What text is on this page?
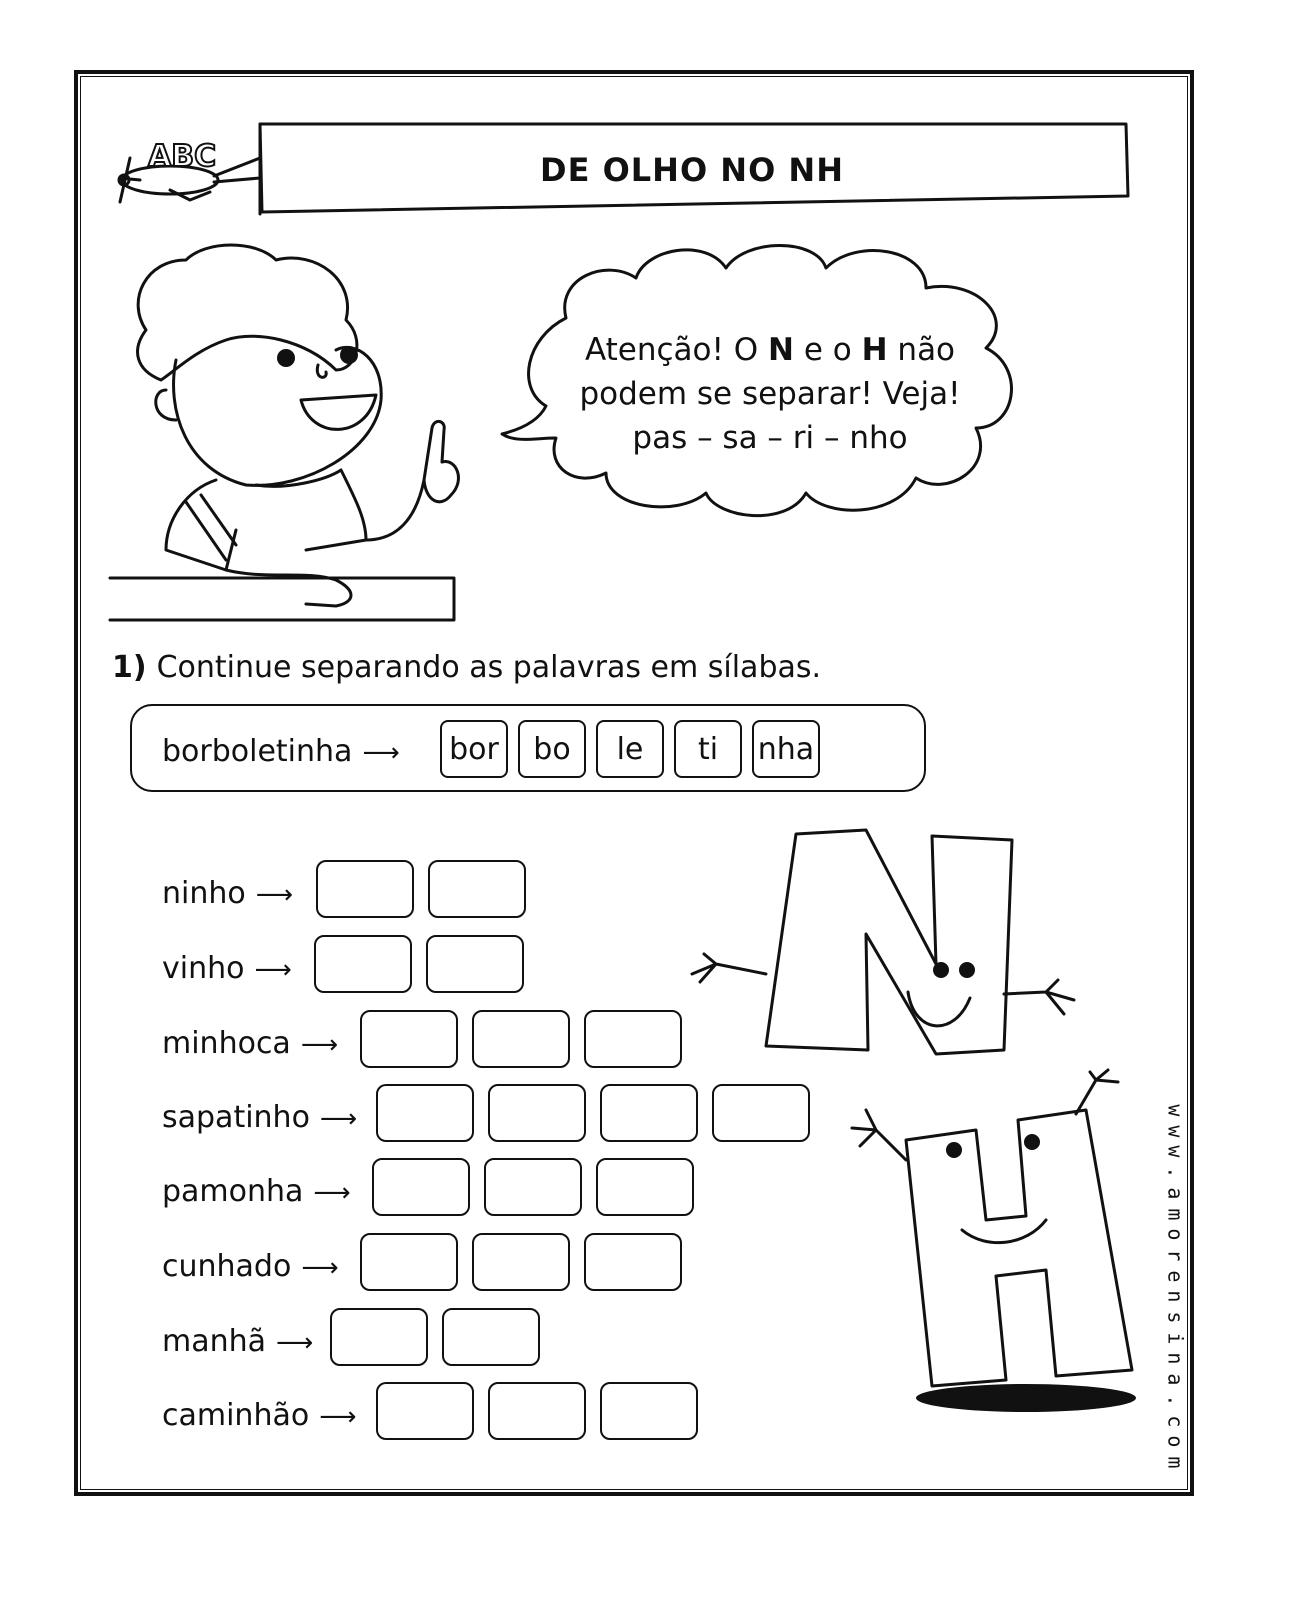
ABC	DE OLHO NO NH
Atenção! O N e o H não
podem se separar! Veja!
pas – sa – ri – nho
1) Continue separando as palavras em sílabas.
borboletinha ⟶	bor	bo	le	ti	nha
ninho ⟶
vinho ⟶
minhoca ⟶
sapatinho ⟶
pamonha ⟶
cunhado ⟶
manhã ⟶
caminhão ⟶
w
w
w
.
a
m
o
r
e
n
s
i
n
a
.
c
o
m
